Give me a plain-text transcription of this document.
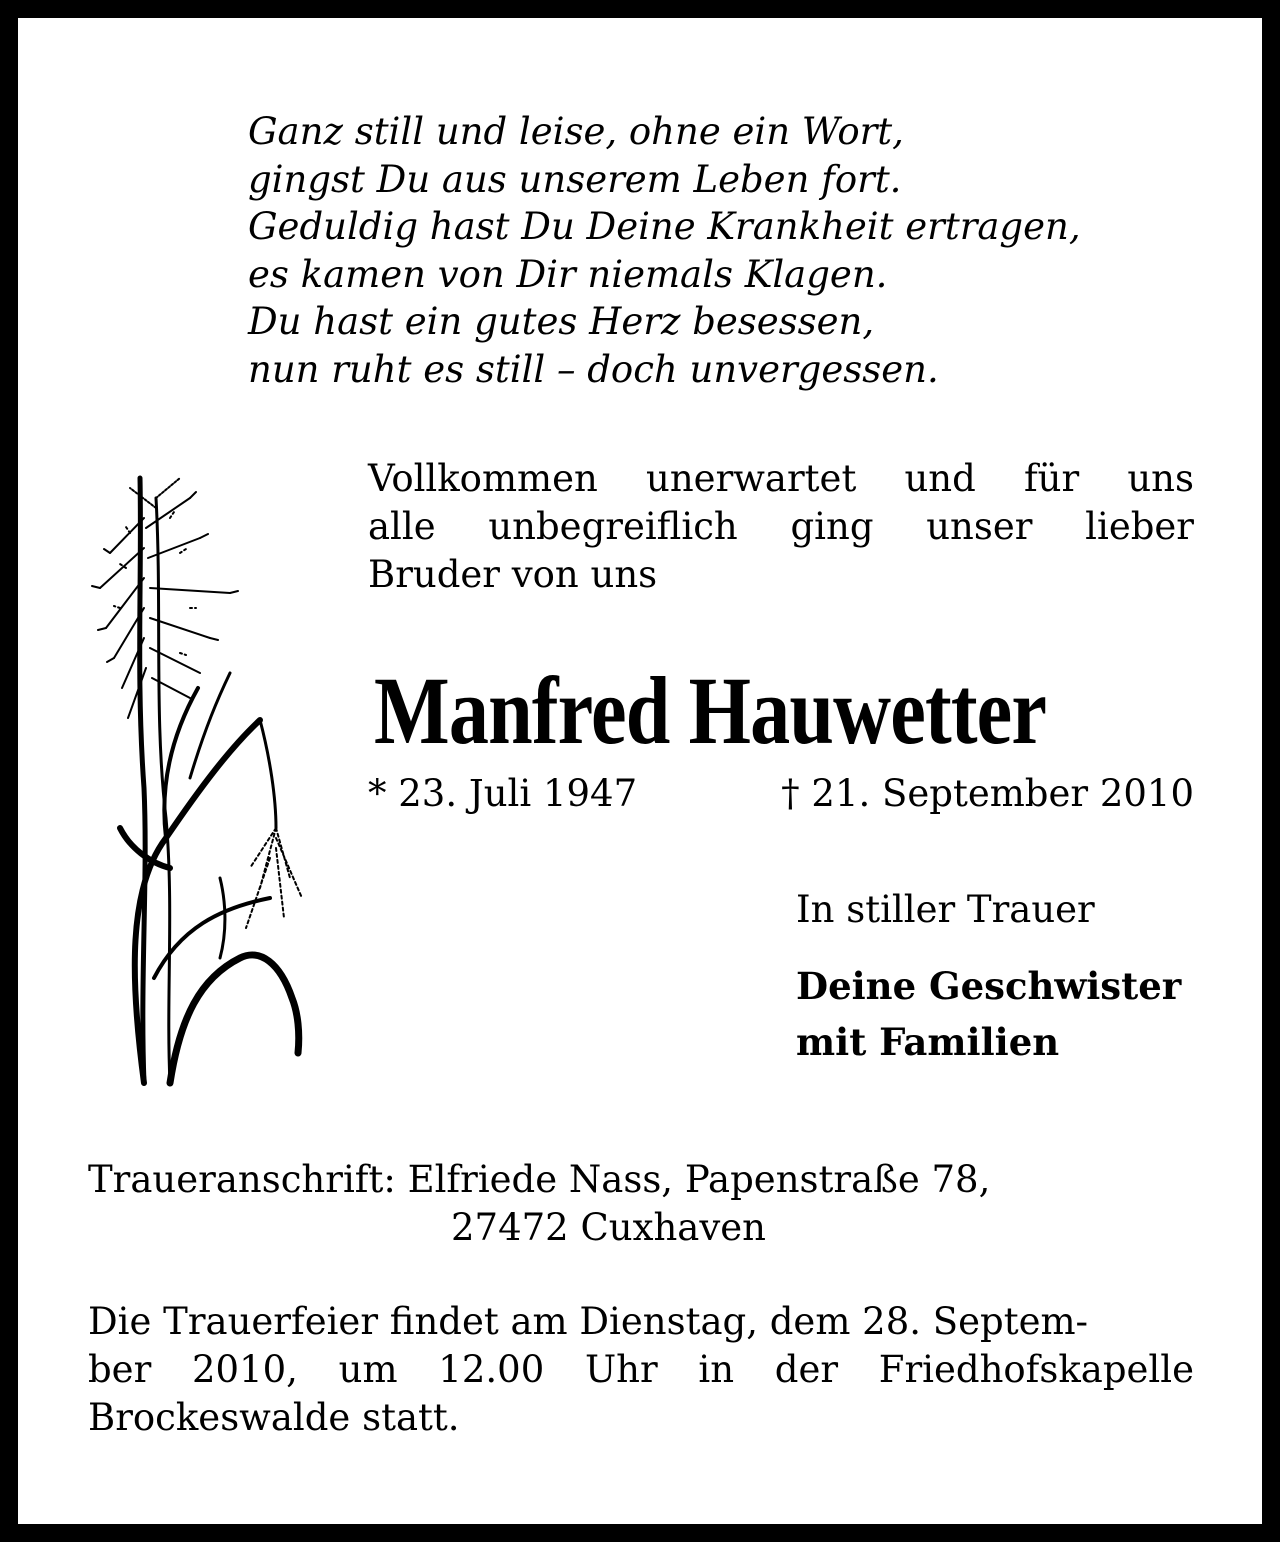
Ganz still und leise, ohne ein Wort,
gingst Du aus unserem Leben fort.
Geduldig hast Du Deine Krankheit ertragen,
es kamen von Dir niemals Klagen.
Du hast ein gutes Herz besessen,
nun ruht es still – doch unvergessen.

Vollkommen unerwartet und für uns
alle unbegreiflich ging unser lieber
Bruder von uns
Manfred Hauwetter
* 23. Juli 1947	† 21. September 2010
In stiller Trauer
Deine Geschwister
mit Familien
Traueranschrift: Elfriede Nass, Papenstraße 78,
27472 Cuxhaven
Die Trauerfeier findet am Dienstag, dem 28. Septem-
ber 2010, um 12.00 Uhr in der Friedhofskapelle
Brockeswalde statt.
